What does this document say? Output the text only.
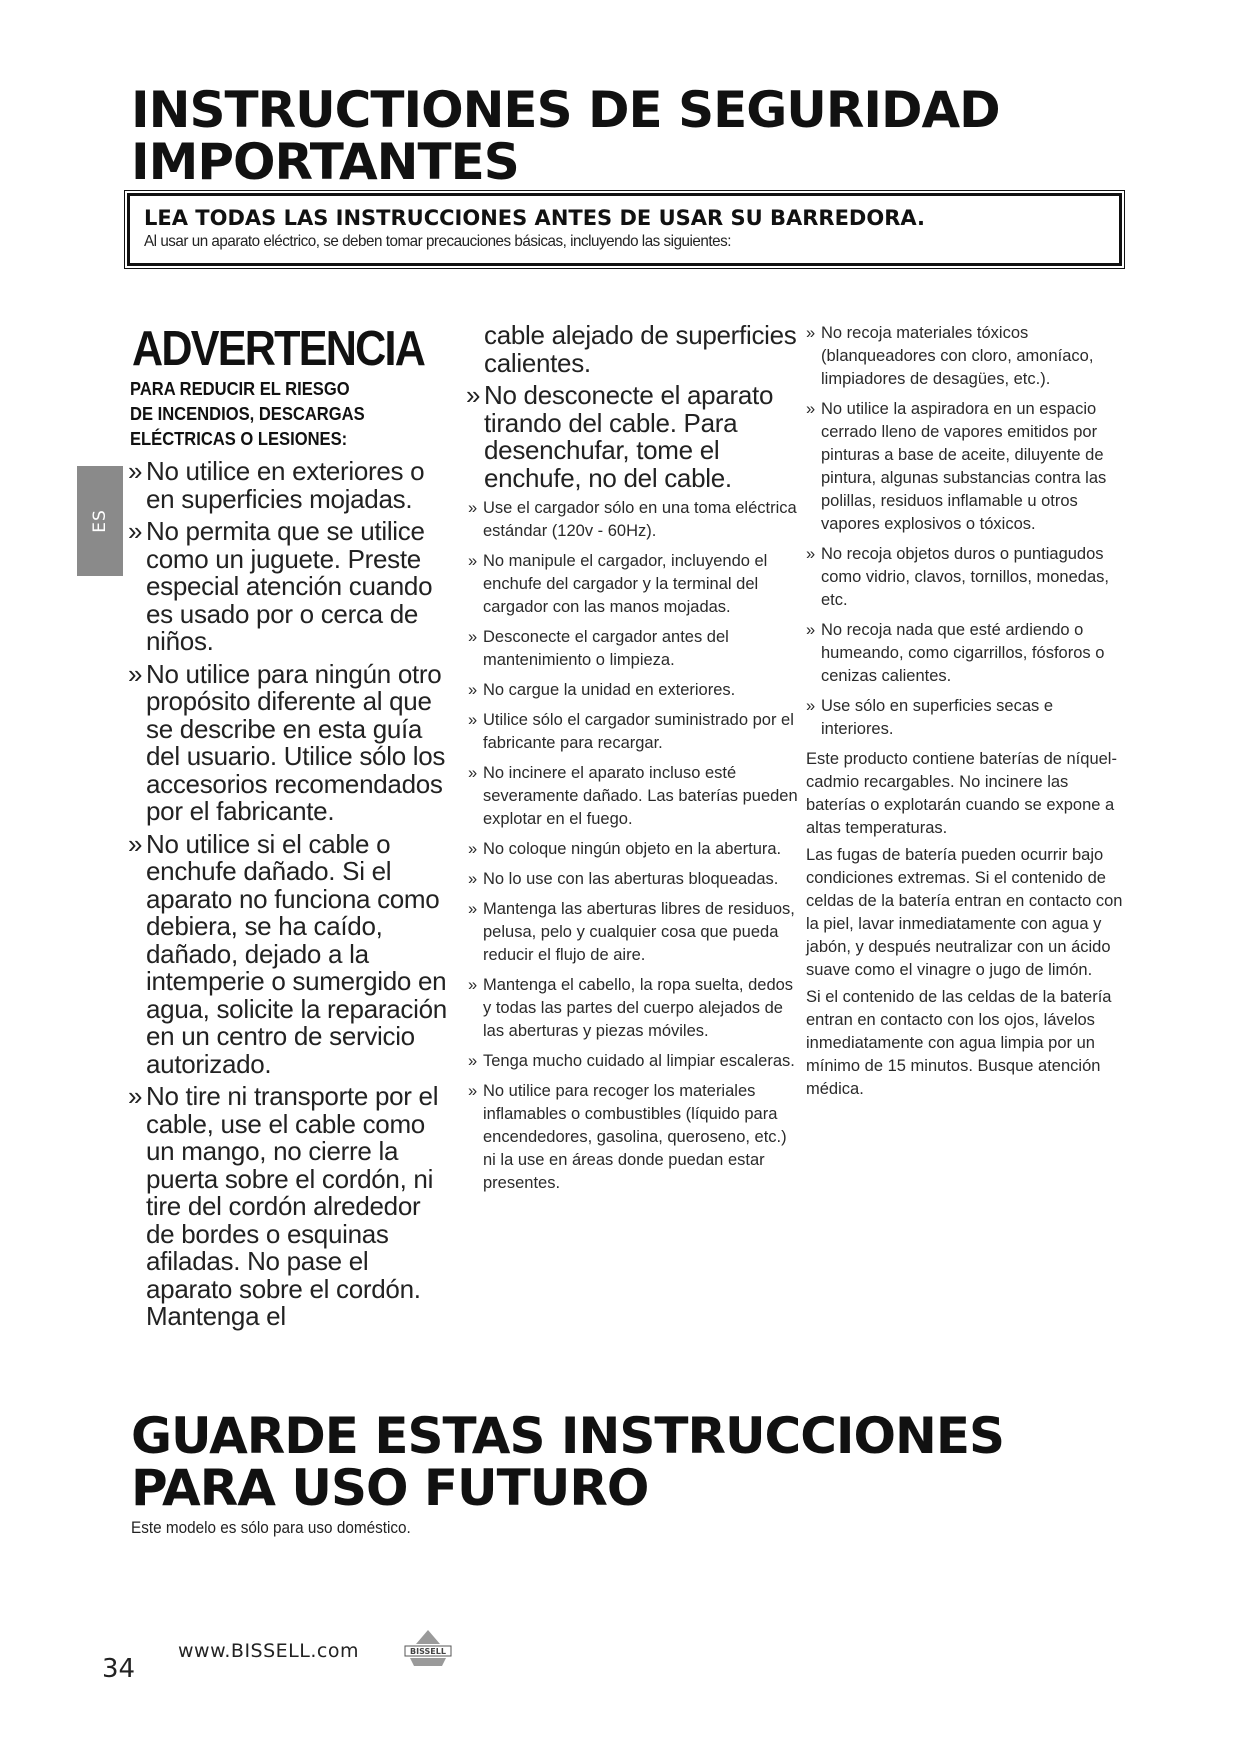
INSTRUCTIONES DE SEGURIDAD IMPORTANTES
LEA TODAS LAS INSTRUCCIONES ANTES DE USAR SU BARREDORA.
Al usar un aparato eléctrico, se deben tomar precauciones básicas, incluyendo las siguientes:
ES
ADVERTENCIA
PARA REDUCIR EL RIESGO
DE INCENDIOS, DESCARGAS
ELÉCTRICAS O LESIONES:
» No utilice en exteriores o en superficies mojadas.
» No permita que se utilice como un juguete. Preste especial atención cuando es usado por o cerca de niños.
» No utilice para ningún otro propósito diferente al que se describe en esta guía del usuario. Utilice sólo los accesorios recomendados por el fabricante.
» No utilice si el cable o enchufe dañado. Si el aparato no funciona como debiera, se ha caído, dañado, dejado a la intemperie o sumergido en agua, solicite la reparación en un centro de servicio autorizado.
» No tire ni transporte por el cable, use el cable como un mango, no cierre la puerta sobre el cordón, ni tire del cordón alrededor de bordes o esquinas afiladas. No pase el aparato sobre el cordón. Mantenga el
cable alejado de superficies calientes.
» No desconecte el aparato tirando del cable. Para desenchufar, tome el enchufe, no del cable.
» Use el cargador sólo en una toma eléctrica estándar (120v - 60Hz).
» No manipule el cargador, incluyendo el enchufe del cargador y la terminal del cargador con las manos mojadas.
» Desconecte el cargador antes del mantenimiento o limpieza.
» No cargue la unidad en exteriores.
» Utilice sólo el cargador suministrado por el fabricante para recargar.
» No incinere el aparato incluso esté severamente dañado. Las baterías pueden explotar en el fuego.
» No coloque ningún objeto en la abertura.
» No lo use con las aberturas bloqueadas.
» Mantenga las aberturas libres de residuos, pelusa, pelo y cualquier cosa que pueda reducir el flujo de aire.
» Mantenga el cabello, la ropa suelta, dedos y todas las partes del cuerpo alejados de las aberturas y piezas móviles.
» Tenga mucho cuidado al limpiar escaleras.
» No utilice para recoger los materiales inflamables o combustibles (líquido para encendedores, gasolina, queroseno, etc.) ni la use en áreas donde puedan estar presentes.
» No recoja materiales tóxicos (blanqueadores con cloro, amoníaco, limpiadores de desagües, etc.).
» No utilice la aspiradora en un espacio cerrado lleno de vapores emitidos por pinturas a base de aceite, diluyente de pintura, algunas substancias contra las polillas, residuos inflamable u otros vapores explosivos o tóxicos.
» No recoja objetos duros o puntiagudos como vidrio, clavos, tornillos, monedas, etc.
» No recoja nada que esté ardiendo o humeando, como cigarrillos, fósforos o cenizas calientes.
» Use sólo en superficies secas e interiores.

Este producto contiene baterías de níquel-cadmio recargables. No incinere las baterías o explotarán cuando se expone a altas temperaturas.

Las fugas de batería pueden ocurrir bajo condiciones extremas. Si el contenido de celdas de la batería entran en contacto con la piel, lavar inmediatamente con agua y jabón, y después neutralizar con un ácido suave como el vinagre o jugo de limón.

Si el contenido de las celdas de la batería entran en contacto con los ojos, lávelos inmediatamente con agua limpia por un mínimo de 15 minutos. Busque atención médica.

GUARDE ESTAS INSTRUCCIONES PARA USO FUTURO
Este modelo es sólo para uso doméstico.
www.BISSELL.com	BISSELL
34
